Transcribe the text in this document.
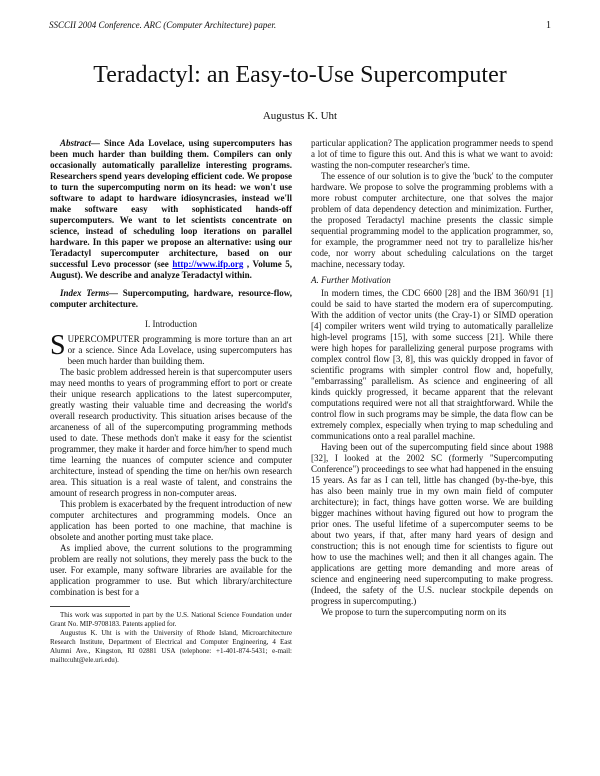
SSCCII 2004 Conference. ARC (Computer Architecture) paper.	1
Teradactyl: an Easy-to-Use Supercomputer
Augustus K. Uht

Abstract— Since Ada Lovelace, using supercomputers has been much harder than building them. Compilers can only occasionally automatically parallelize interesting programs. Researchers spend years developing efficient code. We propose to turn the supercomputing norm on its head: we won't use software to adapt to hardware idiosyncrasies, instead we'll make software easy with sophisticated hands-off supercomputers. We want to let scientists concentrate on science, instead of scheduling loop iterations on parallel hardware. In this paper we propose an alternative: using our Teradactyl supercomputer architecture, based on our successful Levo processor (see http://www.ifp.org , Volume 5, August). We describe and analyze Teradactyl within.

Index Terms— Supercomputing, hardware, resource-flow, computer architecture.

I. Introduction

SUPERCOMPUTER programming is more torture than an art or a science. Since Ada Lovelace, using supercomputers has been much harder than building them.

The basic problem addressed herein is that supercomputer users may need months to years of programming effort to port or create their unique research applications to the latest supercomputer, greatly wasting their valuable time and decreasing the world's overall research productivity. This situation arises because of the arcaneness of all of the supercomputing programming methods used to date. These methods don't make it easy for the scientist programmer, they make it harder and force him/her to spend much time learning the nuances of computer science and computer architecture, instead of spending the time on her/his own research area. This situation is a real waste of talent, and constrains the amount of research progress in non-computer areas.

This problem is exacerbated by the frequent introduction of new computer architectures and programming models. Once an application has been ported to one machine, that machine is obsolete and another porting must take place.

As implied above, the current solutions to the programming problem are really not solutions, they merely pass the buck to the user. For example, many software libraries are available for the application programmer to use. But which library/architecture combination is best for a

This work was supported in part by the U.S. National Science Foundation under Grant No. MIP-9708183. Patents applied for.

Augustus K. Uht is with the University of Rhode Island, Microarchitecture Research Institute, Department of Electrical and Computer Engineering, 4 East Alumni Ave., Kingston, RI 02881 USA (telephone: +1-401-874-5431; e-mail: mailto:uht@ele.uri.edu).

particular application? The application programmer needs to spend a lot of time to figure this out. And this is what we want to avoid: wasting the non-computer researcher's time.

The essence of our solution is to give the 'buck' to the computer hardware. We propose to solve the programming problems with a more robust computer architecture, one that solves the major problem of data dependency detection and minimization. Further, the proposed Teradactyl machine presents the classic simple sequential programming model to the application programmer, so, for example, the programmer need not try to parallelize his/her code, nor worry about scheduling calculations on the target machine, necessary today.

A. Further Motivation

In modern times, the CDC 6600 [28] and the IBM 360/91 [1] could be said to have started the modern era of supercomputing. With the addition of vector units (the Cray-1) or SIMD operation [4] compiler writers went wild trying to automatically parallelize high-level programs [15], with some success [21]. While there were high hopes for parallelizing general purpose programs with complex control flow [3, 8], this was quickly dropped in favor of scientific programs with simpler control flow and, hopefully, "embarrassing" parallelism. As science and engineering of all kinds quickly progressed, it became apparent that the relevant computations required were not all that straightforward. While the control flow in such programs may be simple, the data flow can be extremely complex, especially when trying to map scheduling and communications onto a real parallel machine.

Having been out of the supercomputing field since about 1988 [32], I looked at the 2002 SC (formerly "Supercomputing Conference") proceedings to see what had happened in the ensuing 15 years. As far as I can tell, little has changed (by-the-bye, this has also been mainly true in my own main field of computer architecture); in fact, things have gotten worse. We are building bigger machines without having figured out how to program the prior ones. The useful lifetime of a supercomputer seems to be about two years, if that, after many hard years of design and construction; this is not enough time for scientists to figure out how to use the machines well; and then it all changes again. The applications are getting more demanding and more areas of science and engineering need supercomputing to make progress. (Indeed, the safety of the U.S. nuclear stockpile depends on progress in supercomputing.)

We propose to turn the supercomputing norm on its
